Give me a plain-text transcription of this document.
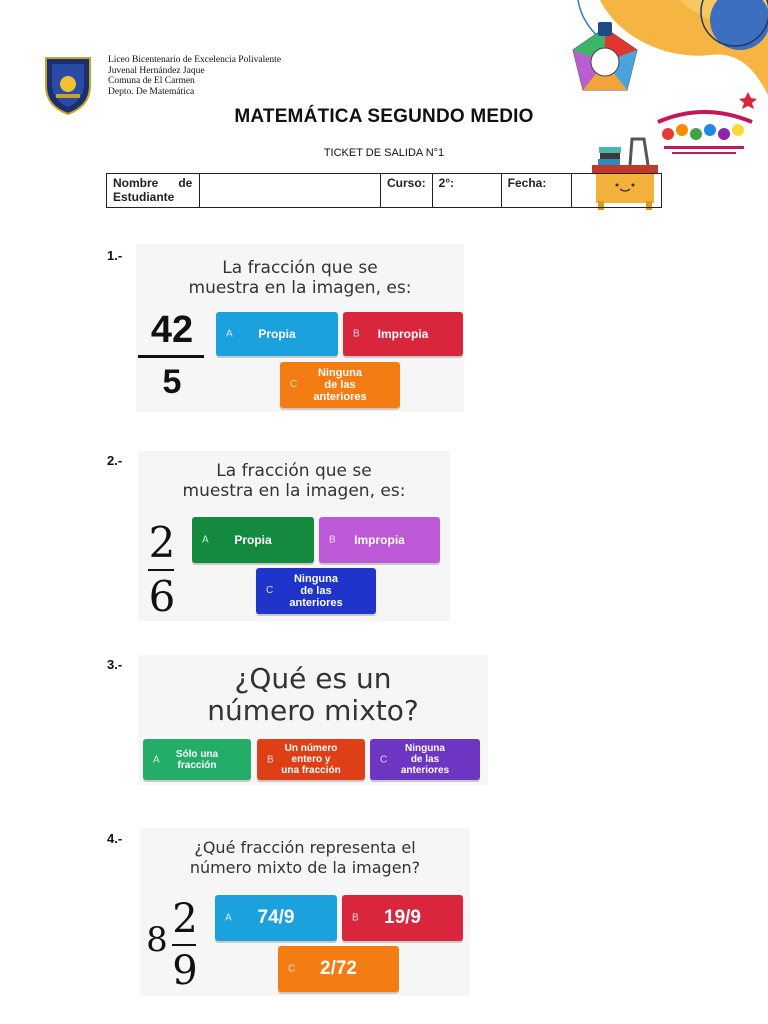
Liceo Bicentenario de Excelencia Polivalente
Juvenal Hernández Jaque
Comuna de El Carmen
Depto. De Matemática
MATEMÁTICA SEGUNDO MEDIO
TICKET DE SALIDA N°1
Nombre      de
Estudiante
		Curso:	2°:	Fecha:	
1.-
La fracción que se
muestra en la imagen, es:
42
5
A Propia	B Impropia
C
Ninguna
de las
anteriores
2.-
La fracción que se
muestra en la imagen, es:
2
6
A Propia	B Impropia
C
Ninguna
de las
anteriores
3.-	¿Qué es un
número mixto?
A Sólo una
fracción	B
Un número
entero y
una fracción
C
Ninguna
de las
anteriores
4.-	¿Qué fracción representa el
número mixto de la imagen?
8 2
9
A 74/9	B 19/9
C 2/72
